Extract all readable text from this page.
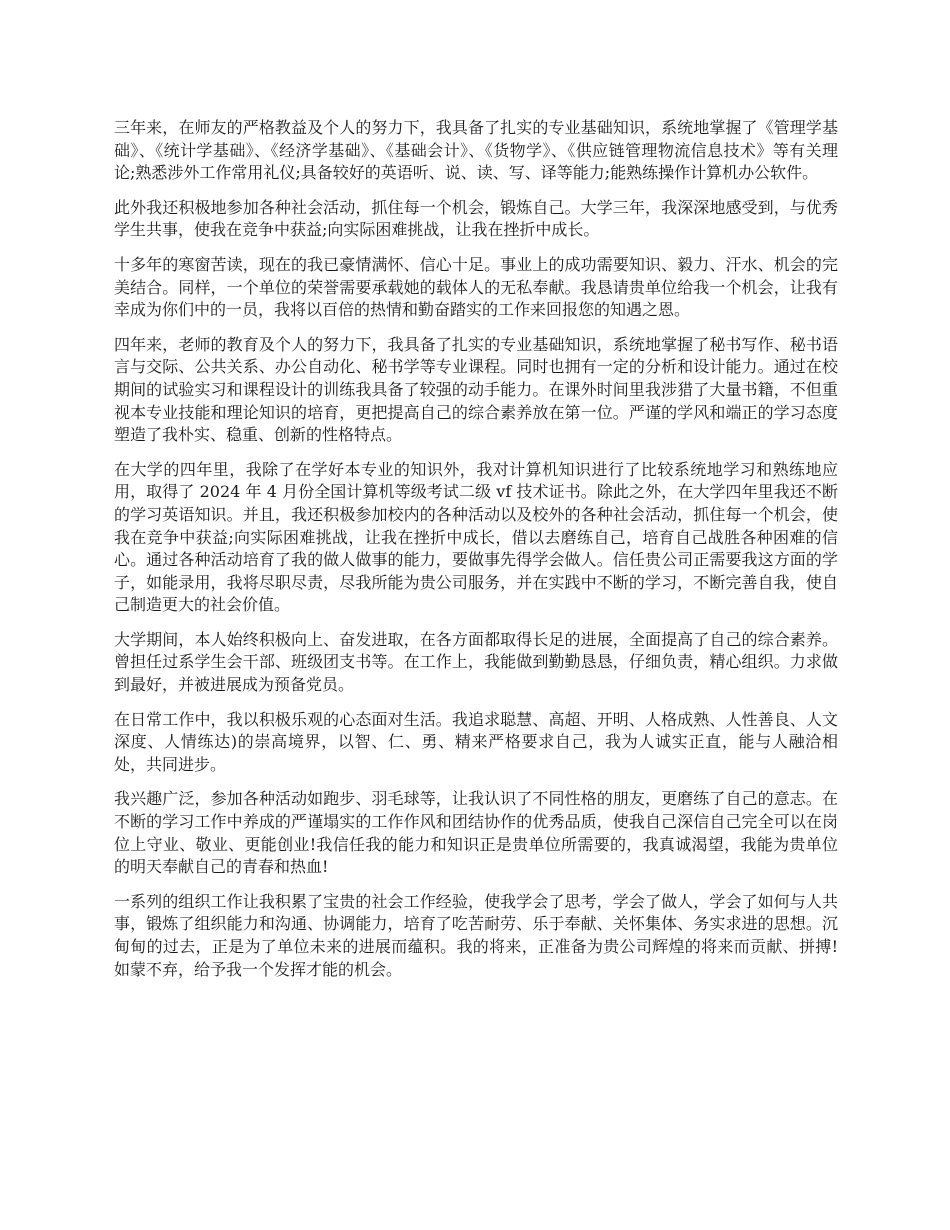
三年来，在师友的严格教益及个人的努力下，我具备了扎实的专业基础知识，系统地掌握了《管理学基础》、《统计学基础》、《经济学基础》、《基础会计》、《货物学》、《供应链管理物流信息技术》等有关理论;熟悉涉外工作常用礼仪;具备较好的英语听、说、读、写、译等能力;能熟练操作计算机办公软件。

此外我还积极地参加各种社会活动，抓住每一个机会，锻炼自己。大学三年，我深深地感受到，与优秀学生共事，使我在竞争中获益;向实际困难挑战，让我在挫折中成长。

十多年的寒窗苦读，现在的我已豪情满怀、信心十足。事业上的成功需要知识、毅力、汗水、机会的完美结合。同样，一个单位的荣誉需要承载她的载体人的无私奉献。我恳请贵单位给我一个机会，让我有幸成为你们中的一员，我将以百倍的热情和勤奋踏实的工作来回报您的知遇之恩。

四年来，老师的教育及个人的努力下，我具备了扎实的专业基础知识，系统地掌握了秘书写作、秘书语言与交际、公共关系、办公自动化、秘书学等专业课程。同时也拥有一定的分析和设计能力。通过在校期间的试验实习和课程设计的训练我具备了较强的动手能力。在课外时间里我涉猎了大量书籍，不但重视本专业技能和理论知识的培育，更把提高自己的综合素养放在第一位。严谨的学风和端正的学习态度塑造了我朴实、稳重、创新的性格特点。

在大学的四年里，我除了在学好本专业的知识外，我对计算机知识进行了比较系统地学习和熟练地应用，取得了 2024 年 4 月份全国计算机等级考试二级 vf 技术证书。除此之外，在大学四年里我还不断的学习英语知识。并且，我还积极参加校内的各种活动以及校外的各种社会活动，抓住每一个机会，使我在竞争中获益;向实际困难挑战，让我在挫折中成长，借以去磨练自己，培育自己战胜各种困难的信心。通过各种活动培育了我的做人做事的能力，要做事先得学会做人。信任贵公司正需要我这方面的学子，如能录用，我将尽职尽责，尽我所能为贵公司服务，并在实践中不断的学习，不断完善自我，使自己制造更大的社会价值。

大学期间，本人始终积极向上、奋发进取，在各方面都取得长足的进展，全面提高了自己的综合素养。曾担任过系学生会干部、班级团支书等。在工作上，我能做到勤勤恳恳，仔细负责，精心组织。力求做到最好，并被进展成为预备党员。

在日常工作中，我以积极乐观的心态面对生活。我追求聪慧、高超、开明、人格成熟、人性善良、人文深度、人情练达)的崇高境界，以智、仁、勇、精来严格要求自己，我为人诚实正直，能与人融洽相处，共同进步。

我兴趣广泛，参加各种活动如跑步、羽毛球等，让我认识了不同性格的朋友，更磨练了自己的意志。在不断的学习工作中养成的严谨塌实的工作作风和团结协作的优秀品质，使我自己深信自己完全可以在岗位上守业、敬业、更能创业!我信任我的能力和知识正是贵单位所需要的，我真诚渴望，我能为贵单位的明天奉献自己的青春和热血!

一系列的组织工作让我积累了宝贵的社会工作经验，使我学会了思考，学会了做人，学会了如何与人共事，锻炼了组织能力和沟通、协调能力，培育了吃苦耐劳、乐于奉献、关怀集体、务实求进的思想。沉甸甸的过去，正是为了单位未来的进展而蕴积。我的将来，正准备为贵公司辉煌的将来而贡献、拼搏!如蒙不弃，给予我一个发挥才能的机会。
